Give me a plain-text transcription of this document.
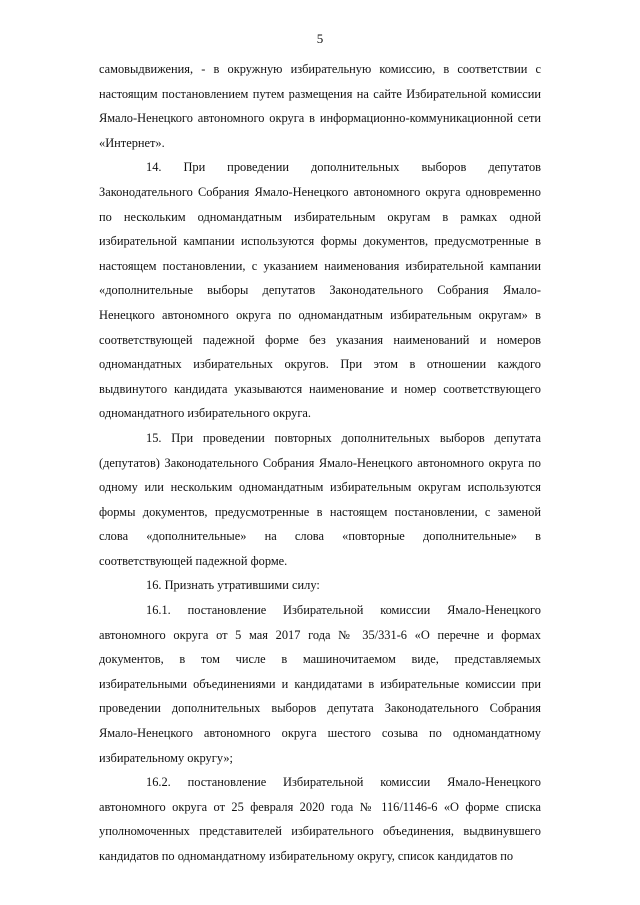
5

самовыдвижения, - в окружную избирательную комиссию, в соответствии с настоящим постановлением путем размещения на сайте Избирательной комиссии Ямало-Ненецкого автономного округа в информационно-коммуникационной сети «Интернет».

14. При проведении дополнительных выборов депутатов Законодательного Собрания Ямало-Ненецкого автономного округа одновременно по нескольким одномандатным избирательным округам в рамках одной избирательной кампании используются формы документов, предусмотренные в настоящем постановлении, с указанием наименования избирательной кампании «дополнительные выборы депутатов Законодательного Собрания Ямало-Ненецкого автономного округа по одномандатным избирательным округам» в соответствующей падежной форме без указания наименований и номеров одномандатных избирательных округов. При этом в отношении каждого выдвинутого кандидата указываются наименование и номер соответствующего одномандатного избирательного округа.

15. При проведении повторных дополнительных выборов депутата (депутатов) Законодательного Собрания Ямало-Ненецкого автономного округа по одному или нескольким одномандатным избирательным округам используются формы документов, предусмотренные в настоящем постановлении, с заменой слова «дополнительные» на слова «повторные дополнительные» в соответствующей падежной форме.

16. Признать утратившими силу:

16.1. постановление Избирательной комиссии Ямало-Ненецкого автономного округа от 5 мая 2017 года № 35/331-6 «О перечне и формах документов, в том числе в машиночитаемом виде, представляемых избирательными объединениями и кандидатами в избирательные комиссии при проведении дополнительных выборов депутата Законодательного Собрания Ямало-Ненецкого автономного округа шестого созыва по одномандатному избирательному округу»;

16.2. постановление Избирательной комиссии Ямало-Ненецкого автономного округа от 25 февраля 2020 года № 116/1146-6 «О форме списка уполномоченных представителей избирательного объединения, выдвинувшего кандидатов по одномандатному избирательному округу, список кандидатов по
